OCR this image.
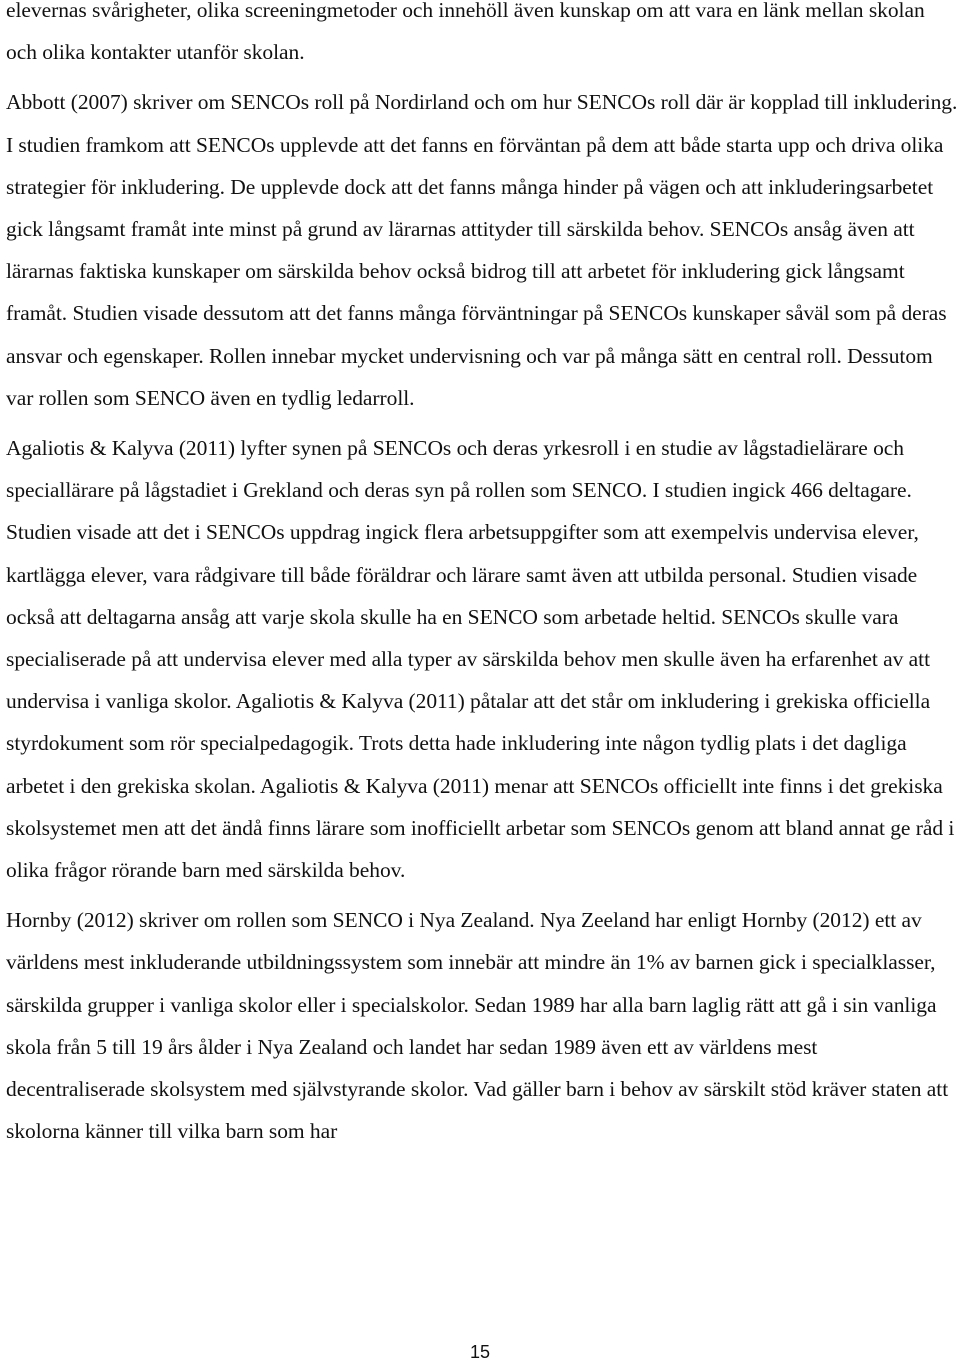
elevernas svårigheter, olika screeningmetoder och innehöll även kunskap om att vara en länk mellan skolan och olika kontakter utanför skolan.

Abbott (2007) skriver om SENCOs roll på Nordirland och om hur SENCOs roll där är kopplad till inkludering. I studien framkom att SENCOs upplevde att det fanns en förväntan på dem att både starta upp och driva olika strategier för inkludering. De upplevde dock att det fanns många hinder på vägen och att inkluderingsarbetet gick långsamt framåt inte minst på grund av lärarnas attityder till särskilda behov. SENCOs ansåg även att lärarnas faktiska kunskaper om särskilda behov också bidrog till att arbetet för inkludering gick långsamt framåt. Studien visade dessutom att det fanns många förväntningar på SENCOs kunskaper såväl som på deras ansvar och egenskaper. Rollen innebar mycket undervisning och var på många sätt en central roll. Dessutom var rollen som SENCO även en tydlig ledarroll.

Agaliotis & Kalyva (2011) lyfter synen på SENCOs och deras yrkesroll i en studie av lågstadielärare och speciallärare på lågstadiet i Grekland och deras syn på rollen som SENCO. I studien ingick 466 deltagare. Studien visade att det i SENCOs uppdrag ingick flera arbetsuppgifter som att exempelvis undervisa elever, kartlägga elever, vara rådgivare till både föräldrar och lärare samt även att utbilda personal. Studien visade också att deltagarna ansåg att varje skola skulle ha en SENCO som arbetade heltid. SENCOs skulle vara specialiserade på att undervisa elever med alla typer av särskilda behov men skulle även ha erfarenhet av att undervisa i vanliga skolor. Agaliotis & Kalyva (2011) påtalar att det står om inkludering i grekiska officiella styrdokument som rör specialpedagogik. Trots detta hade inkludering inte någon tydlig plats i det dagliga arbetet i den grekiska skolan. Agaliotis & Kalyva (2011) menar att SENCOs officiellt inte finns i det grekiska skolsystemet men att det ändå finns lärare som inofficiellt arbetar som SENCOs genom att bland annat ge råd i olika frågor rörande barn med särskilda behov.

Hornby (2012) skriver om rollen som SENCO i Nya Zealand. Nya Zeeland har enligt Hornby (2012) ett av världens mest inkluderande utbildningssystem som innebär att mindre än 1% av barnen gick i specialklasser, särskilda grupper i vanliga skolor eller i specialskolor. Sedan 1989 har alla barn laglig rätt att gå i sin vanliga skola från 5 till 19 års ålder i Nya Zealand och landet har sedan 1989 även ett av världens mest decentraliserade skolsystem med självstyrande skolor. Vad gäller barn i behov av särskilt stöd kräver staten att skolorna känner till vilka barn som har

15
